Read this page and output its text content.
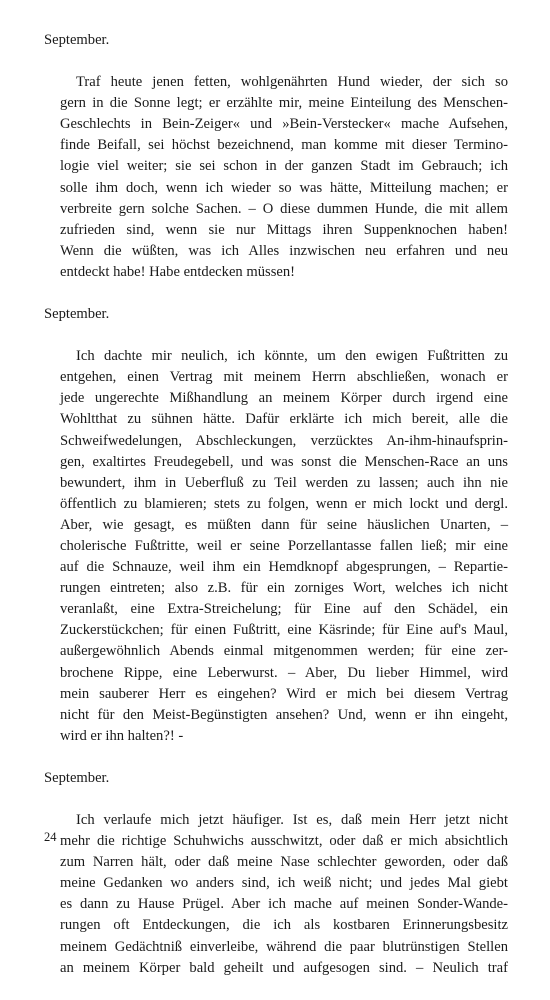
September.
Traf heute jenen fetten, wohlgenährten Hund wieder, der sich so
gern in die Sonne legt; er erzählte mir, meine Einteilung des Menschen-
Geschlechts in Bein-Zeiger« und »Bein-Verstecker« mache Aufsehen,
finde Beifall, sei höchst bezeichnend, man komme mit dieser Termino-
logie viel weiter; sie sei schon in der ganzen Stadt im Gebrauch; ich
solle ihm doch, wenn ich wieder so was hätte, Mitteilung machen; er
verbreite gern solche Sachen. – O diese dummen Hunde, die mit allem
zufrieden sind, wenn sie nur Mittags ihren Suppenknochen haben!
Wenn die wüßten, was ich Alles inzwischen neu erfahren und neu
entdeckt habe! Habe entdecken müssen!
September.
Ich dachte mir neulich, ich könnte, um den ewigen Fußtritten zu
entgehen, einen Vertrag mit meinem Herrn abschließen, wonach er
jede ungerechte Mißhandlung an meinem Körper durch irgend eine
Wohltthat zu sühnen hätte. Dafür erklärte ich mich bereit, alle die
Schweifwedelungen, Abschleckungen, verzücktes An-ihm-hinaufsprin-
gen, exaltirtes Freudegebell, und was sonst die Menschen-Race an uns
bewundert, ihm in Ueberfluß zu Teil werden zu lassen; auch ihn nie
öffentlich zu blamieren; stets zu folgen, wenn er mich lockt und dergl.
Aber, wie gesagt, es müßten dann für seine häuslichen Unarten, –
cholerische Fußtritte, weil er seine Porzellantasse fallen ließ; mir eine
auf die Schnauze, weil ihm ein Hemdknopf abgesprungen, – Repartie-
rungen eintreten; also z.B. für ein zorniges Wort, welches ich nicht
veranlaßt, eine Extra-Streichelung; für Eine auf den Schädel, ein
Zuckerstückchen; für einen Fußtritt, eine Käsrinde; für Eine auf's Maul,
außergewöhnlich Abends einmal mitgenommen werden; für eine zer-
brochene Rippe, eine Leberwurst. – Aber, Du lieber Himmel, wird
mein sauberer Herr es eingehen? Wird er mich bei diesem Vertrag
nicht für den Meist-Begünstigten ansehen? Und, wenn er ihn eingeht,
wird er ihn halten?! -
September.
Ich verlaufe mich jetzt häufiger. Ist es, daß mein Herr jetzt nicht
mehr die richtige Schuhwichs ausschwitzt, oder daß er mich absichtlich
zum Narren hält, oder daß meine Nase schlechter geworden, oder daß
meine Gedanken wo anders sind, ich weiß nicht; und jedes Mal giebt
es dann zu Hause Prügel. Aber ich mache auf meinen Sonder-Wande-
rungen oft Entdeckungen, die ich als kostbaren Erinnerungsbesitz
meinem Gedächtniß einverleibe, während die paar blutrünstigen Stellen
an meinem Körper bald geheilt und aufgesogen sind. – Neulich traf
24
